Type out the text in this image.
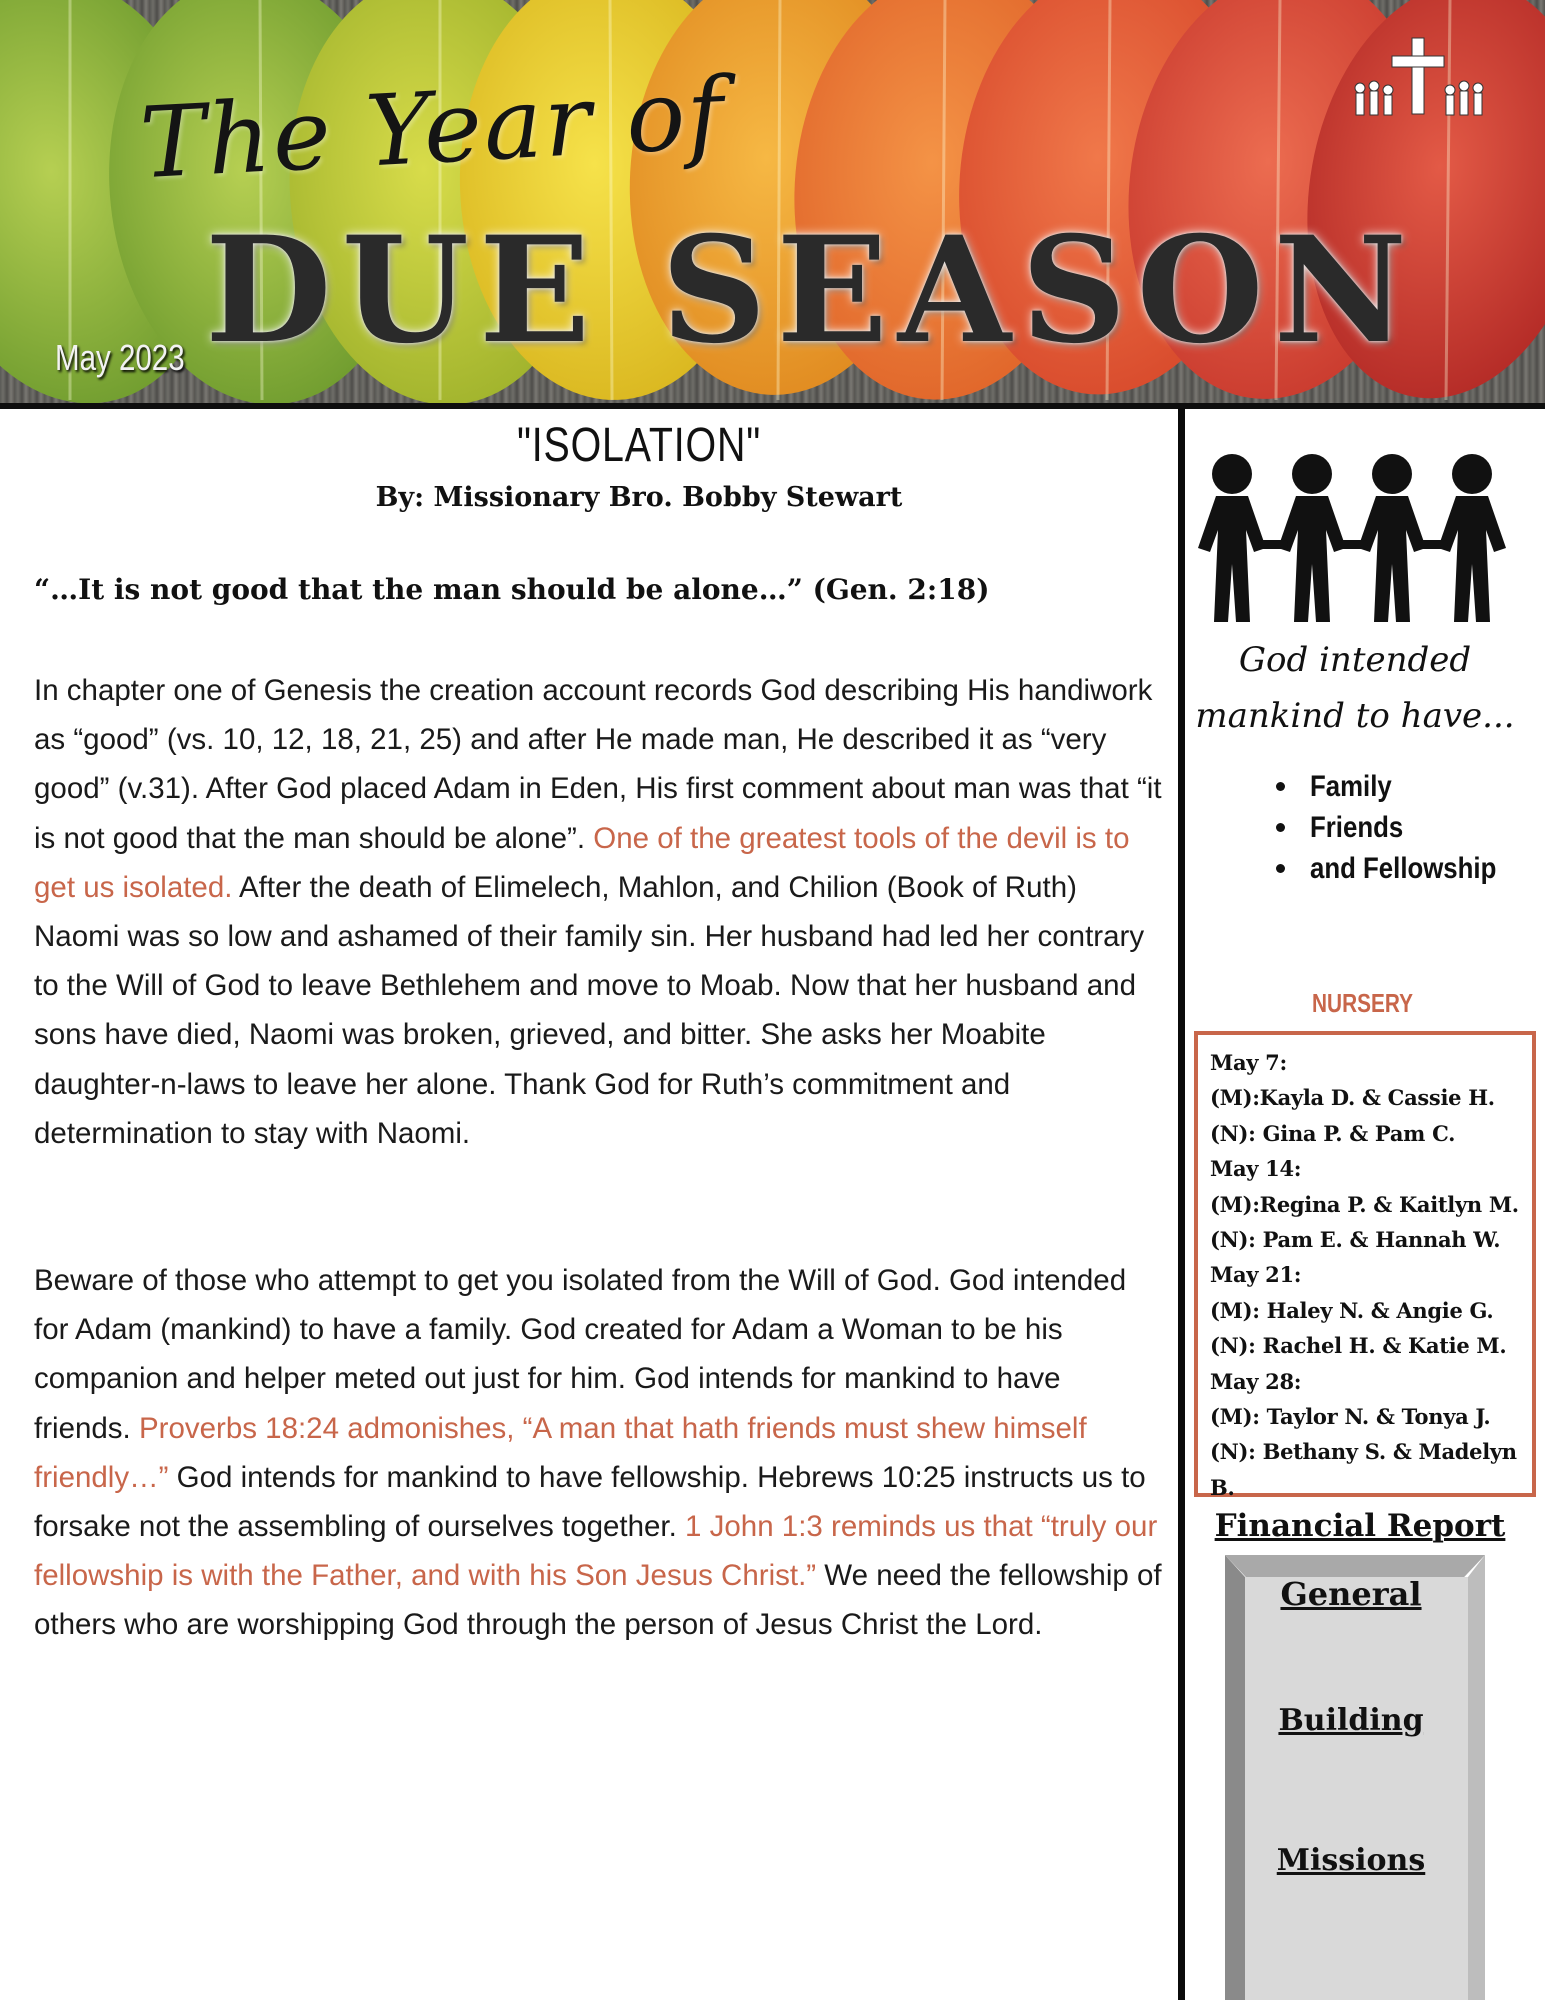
The Year of
DUE SEASON
May 2023
"ISOLATION"
By: Missionary Bro. Bobby Stewart
“…It is not good that the man should be alone…” (Gen. 2:18)

In chapter one of Genesis the creation account records God describing His handiwork as “good” (vs. 10, 12, 18, 21, 25) and after He made man, He described it as “very good” (v.31). After God placed Adam in Eden, His first comment about man was that “it is not good that the man should be alone”. One of the greatest tools of the devil is to get us isolated. After the death of Elimelech, Mahlon, and Chilion (Book of Ruth) Naomi was so low and ashamed of their family sin. Her husband had led her contrary to the Will of God to leave Bethlehem and move to Moab. Now that her husband and sons have died, Naomi was broken, grieved, and bitter. She asks her Moabite daughter-n-laws to leave her alone. Thank God for Ruth’s commitment and determination to stay with Naomi.

Beware of those who attempt to get you isolated from the Will of God. God intended for Adam (mankind) to have a family. God created for Adam a Woman to be his companion and helper meted out just for him. God intends for mankind to have friends. Proverbs 18:24 admonishes, “A man that hath friends must shew himself friendly…” God intends for mankind to have fellowship. Hebrews 10:25 instructs us to forsake not the assembling of ourselves together. 1 John 1:3 reminds us that “truly our fellowship is with the Father, and with his Son Jesus Christ.” We need the fellowship of others who are worshipping God through the person of Jesus Christ the Lord.

God intended
mankind to have...
Family
Friends
and Fellowship
NURSERY
May 7:
(M):Kayla D. & Cassie H.
(N): Gina P. & Pam C.
May 14:
(M):Regina P. & Kaitlyn M.
(N): Pam E. & Hannah W.
May 21:
(M): Haley N. & Angie G.
(N): Rachel H. & Katie M.
May 28:
(M): Taylor N. & Tonya J.
(N): Bethany S. & Madelyn
B.
Financial Report
General
Building
Missions
